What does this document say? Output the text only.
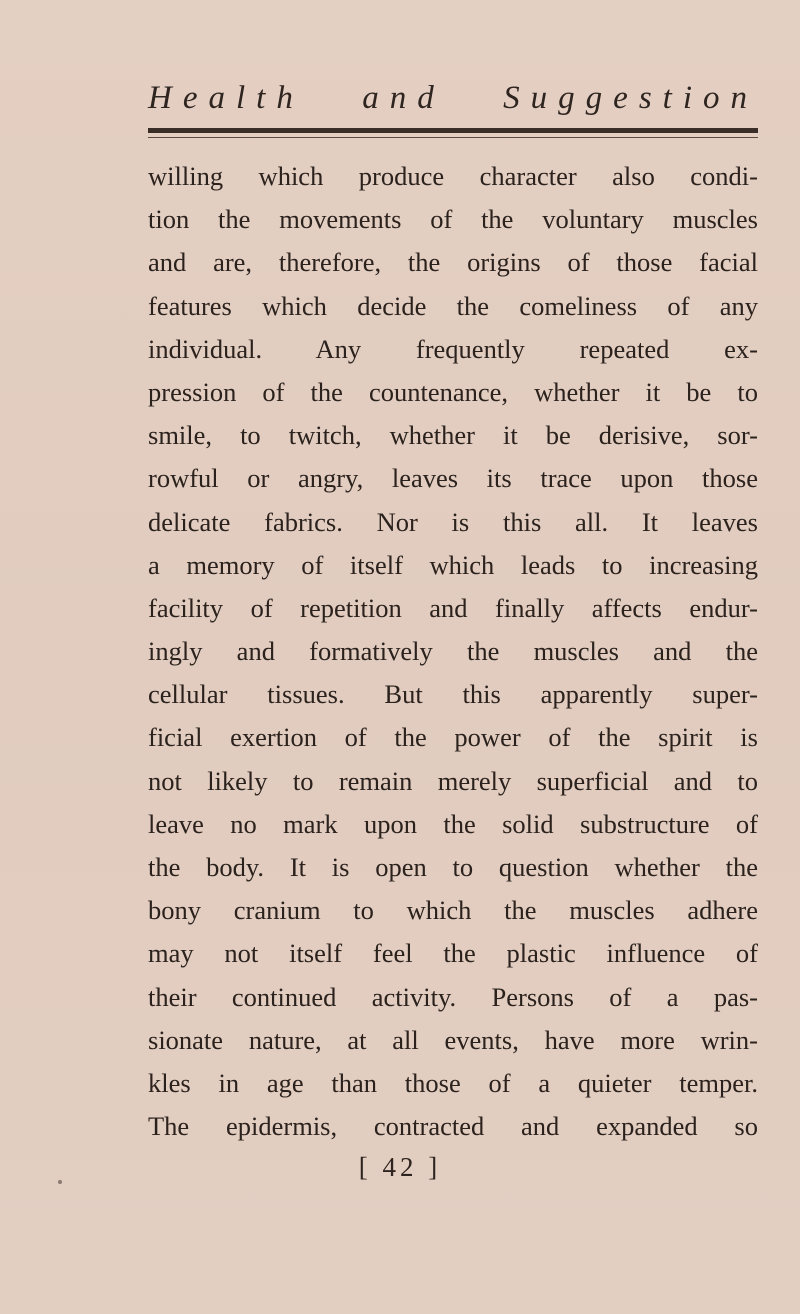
Health and Suggestion
willing which produce character also condi-
tion the movements of the voluntary muscles
and are, therefore, the origins of those facial
features which decide the comeliness of any
individual. Any frequently repeated ex-
pression of the countenance, whether it be to
smile, to twitch, whether it be derisive, sor-
rowful or angry, leaves its trace upon those
delicate fabrics. Nor is this all. It leaves
a memory of itself which leads to increasing
facility of repetition and finally affects endur-
ingly and formatively the muscles and the
cellular tissues. But this apparently super-
ficial exertion of the power of the spirit is
not likely to remain merely superficial and to
leave no mark upon the solid substructure of
the body. It is open to question whether the
bony cranium to which the muscles adhere
may not itself feel the plastic influence of
their continued activity. Persons of a pas-
sionate nature, at all events, have more wrin-
kles in age than those of a quieter temper.
The epidermis, contracted and expanded so
[ 42 ]
